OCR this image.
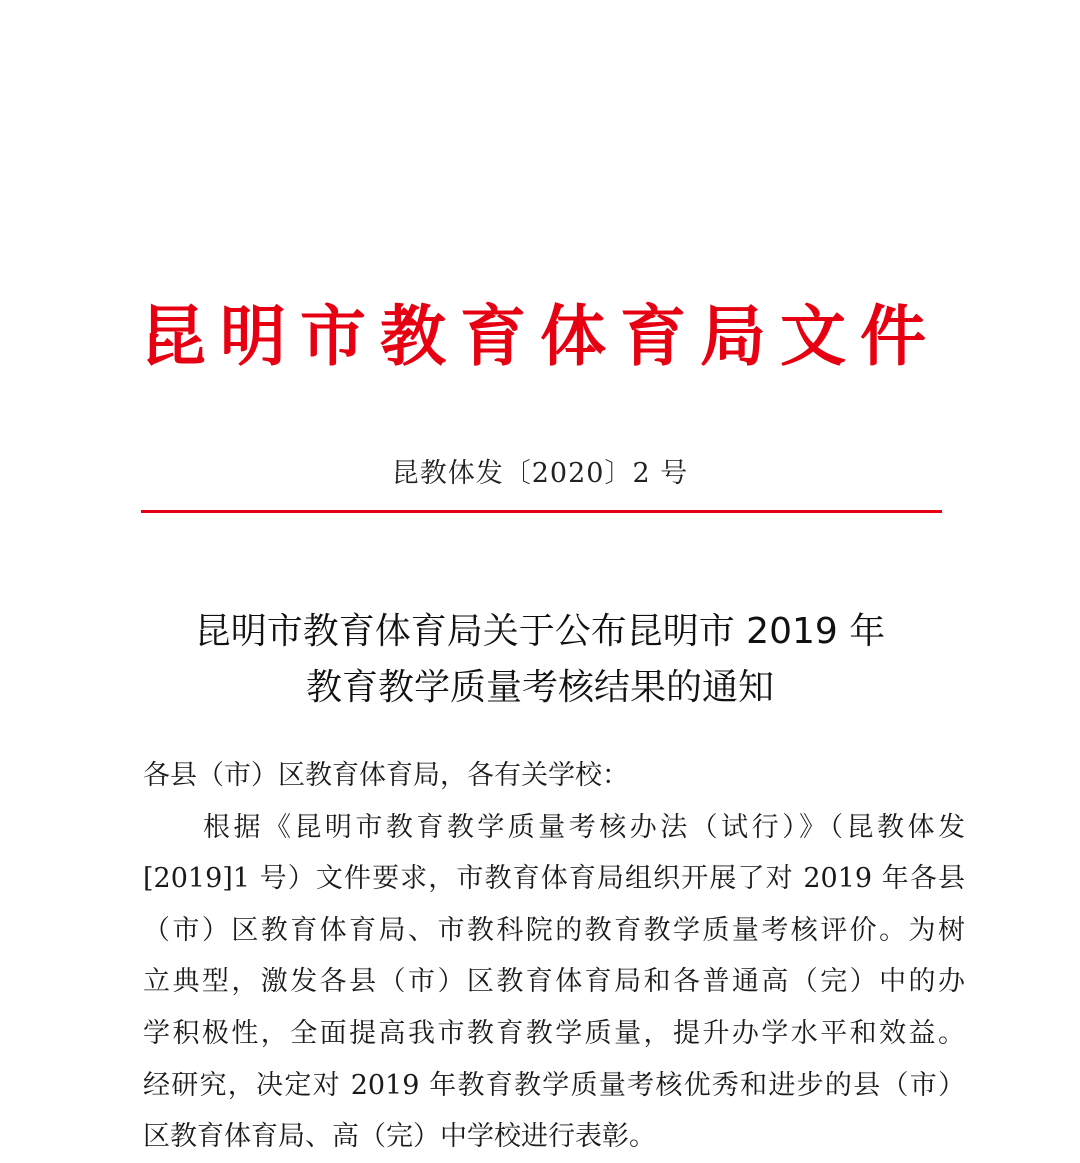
昆明市教育体育局文件
昆教体发〔2020〕2 号
昆明市教育体育局关于公布昆明市 2019 年
教育教学质量考核结果的通知
各县（市）区教育体育局，各有关学校：
根据《昆明市教育教学质量考核办法（试行）》（昆教体发
[2019]1 号）文件要求，市教育体育局组织开展了对 2019 年各县
（市）区教育体育局、市教科院的教育教学质量考核评价。为树
立典型，激发各县（市）区教育体育局和各普通高（完）中的办
学积极性，全面提高我市教育教学质量，提升办学水平和效益。
经研究，决定对 2019 年教育教学质量考核优秀和进步的县（市）
区教育体育局、高（完）中学校进行表彰。
